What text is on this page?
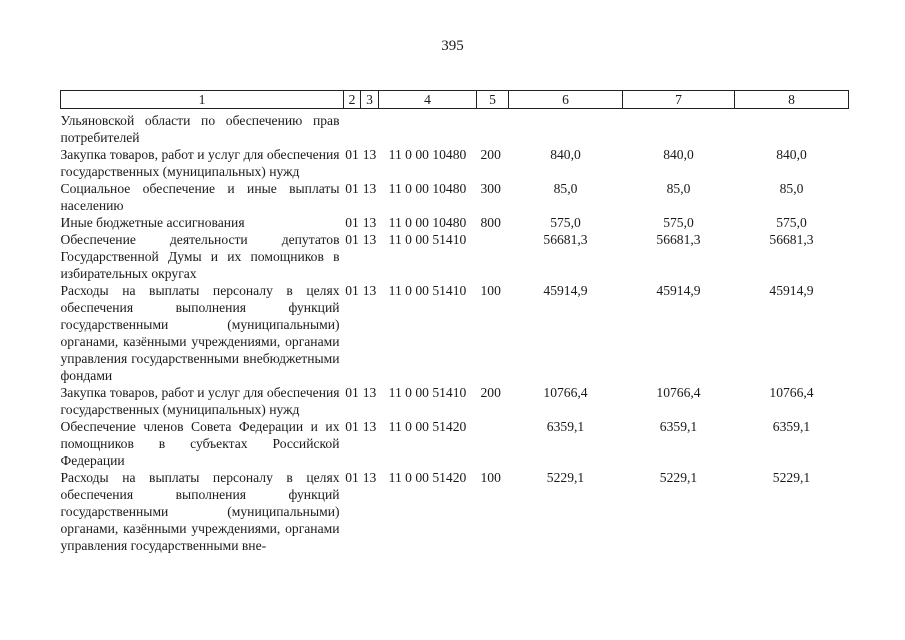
395
1	2	3	4	5	6	7	8

Ульяновской области по обеспечению прав потребителей							

Закупка товаров, работ и услуг для обеспечения государственных (муниципальных) нужд	01	13	11 0 00 10480	200	840,0	840,0	840,0

Социальное обеспечение и иные выплаты населению	01	13	11 0 00 10480	300	85,0	85,0	85,0

Иные бюджетные ассигнования	01	13	11 0 00 10480	800	575,0	575,0	575,0

Обеспечение деятельности депутатов Государственной Думы и их помощников в избирательных округах	01	13	11 0 00 51410		56681,3	56681,3	56681,3

Расходы на выплаты персоналу в целях обеспечения выполнения функций государственными (муниципальными) органами, казёнными учреждениями, органами управления государственными внебюджетными фондами	01	13	11 0 00 51410	100	45914,9	45914,9	45914,9

Закупка товаров, работ и услуг для обеспечения государственных (муниципальных) нужд	01	13	11 0 00 51410	200	10766,4	10766,4	10766,4

Обеспечение членов Совета Федерации и их помощников в субъектах Российской Федерации	01	13	11 0 00 51420		6359,1	6359,1	6359,1

Расходы на выплаты персоналу в целях обеспечения выполнения функций государственными (муниципальными) органами, казёнными учреждениями, органами управления государственными вне-	01	13	11 0 00 51420	100	5229,1	5229,1	5229,1
